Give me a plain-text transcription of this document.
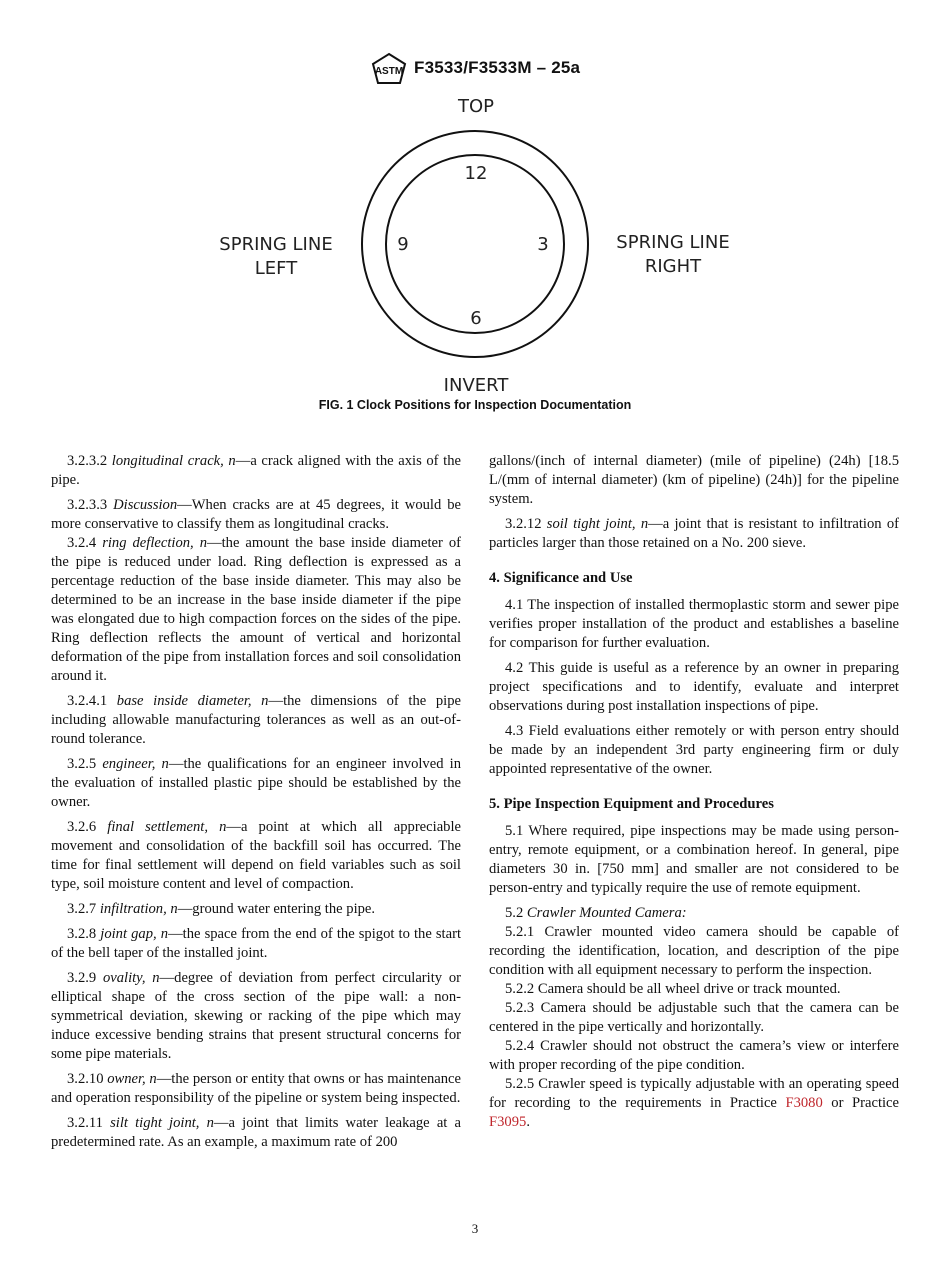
ASTM F3533/F3533M – 25a
TOP
INVERT
SPRING LINE
LEFT
SPRING LINE
RIGHT
12
3
6
9
FIG. 1 Clock Positions for Inspection Documentation

3.2.3.2 longitudinal crack, n—a crack aligned with the axis of the pipe.

3.2.3.3 Discussion—When cracks are at 45 degrees, it would be more conservative to classify them as longitudinal cracks.

3.2.4 ring deflection, n—the amount the base inside diameter of the pipe is reduced under load. Ring deflection is expressed as a percentage reduction of the base inside diameter. This may also be determined to be an increase in the base inside diameter if the pipe was elongated due to high compaction forces on the sides of the pipe. Ring deflection reflects the amount of vertical and horizontal deformation of the pipe from installation forces and soil consolidation around it.

3.2.4.1 base inside diameter, n—the dimensions of the pipe including allowable manufacturing tolerances as well as an out-of-round tolerance.

3.2.5 engineer, n—the qualifications for an engineer involved in the evaluation of installed plastic pipe should be established by the owner.

3.2.6 final settlement, n—a point at which all appreciable movement and consolidation of the backfill soil has occurred. The time for final settlement will depend on field variables such as soil type, soil moisture content and level of compaction.

3.2.7 infiltration, n—ground water entering the pipe.

3.2.8 joint gap, n—the space from the end of the spigot to the start of the bell taper of the installed joint.

3.2.9 ovality, n—degree of deviation from perfect circularity or elliptical shape of the cross section of the pipe wall: a non-symmetrical deviation, skewing or racking of the pipe which may induce excessive bending strains that present structural concerns for some pipe materials.

3.2.10 owner, n—the person or entity that owns or has maintenance and operation responsibility of the pipeline or system being inspected.

3.2.11 silt tight joint, n—a joint that limits water leakage at a predetermined rate. As an example, a maximum rate of 200

gallons/(inch of internal diameter) (mile of pipeline) (24h) [18.5 L/(mm of internal diameter) (km of pipeline) (24h)] for the pipeline system.

3.2.12 soil tight joint, n—a joint that is resistant to infiltration of particles larger than those retained on a No. 200 sieve.

4. Significance and Use

4.1 The inspection of installed thermoplastic storm and sewer pipe verifies proper installation of the product and establishes a baseline for comparison for further evaluation.

4.2 This guide is useful as a reference by an owner in preparing project specifications and to identify, evaluate and interpret observations during post installation inspections of pipe.

4.3 Field evaluations either remotely or with person entry should be made by an independent 3rd party engineering firm or duly appointed representative of the owner.

5. Pipe Inspection Equipment and Procedures

5.1 Where required, pipe inspections may be made using person-entry, remote equipment, or a combination hereof. In general, pipe diameters 30 in. [750 mm] and smaller are not considered to be person-entry and typically require the use of remote equipment.

5.2 Crawler Mounted Camera:

5.2.1 Crawler mounted video camera should be capable of recording the identification, location, and description of the pipe condition with all equipment necessary to perform the inspection.

5.2.2 Camera should be all wheel drive or track mounted.

5.2.3 Camera should be adjustable such that the camera can be centered in the pipe vertically and horizontally.

5.2.4 Crawler should not obstruct the camera’s view or interfere with proper recording of the pipe condition.

5.2.5 Crawler speed is typically adjustable with an operating speed for recording to the requirements in Practice F3080 or Practice F3095.

3
